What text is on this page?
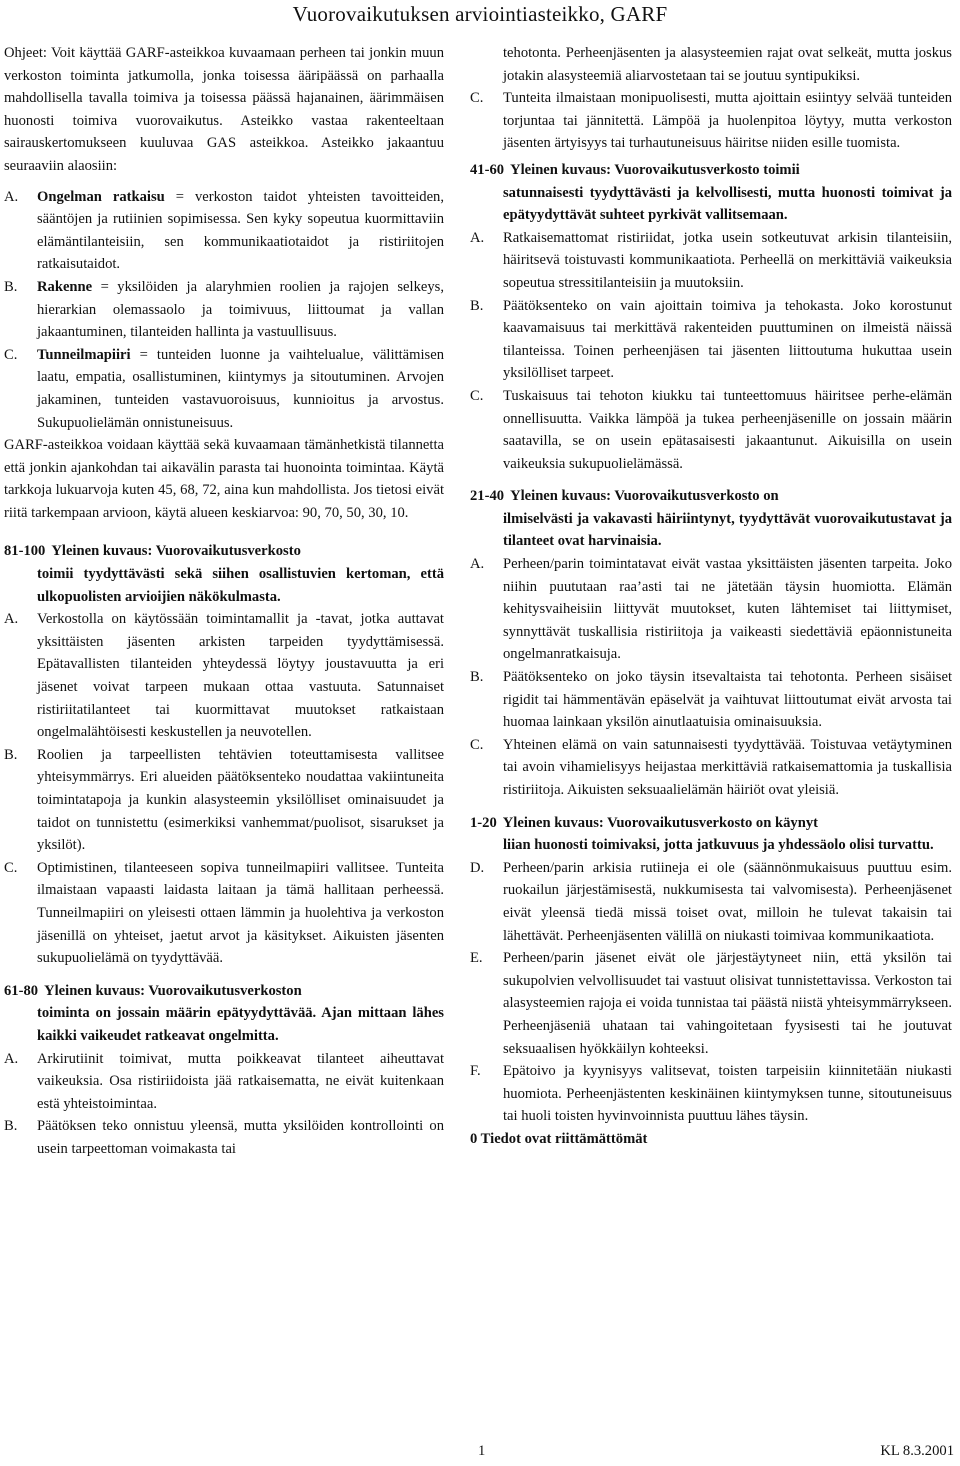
Vuorovaikutuksen arviointiasteikko, GARF

Ohjeet: Voit käyttää GARF-asteikkoa kuvaamaan perheen tai jonkin muun verkoston toiminta jatkumolla, jonka toisessa ääripäässä on parhaalla mahdollisella tavalla toimiva ja toisessa päässä hajanainen, äärimmäisen huonosti toimiva vuorovaikutus. Asteikko vastaa rakenteeltaan sairauskertomukseen kuuluvaa GAS asteikkoa. Asteikko jakaantuu seuraaviin alaosiin:

A.	Ongelman ratkaisu = verkoston taidot yhteisten tavoitteiden, sääntöjen ja rutiinien sopimisessa. Sen kyky sopeutua kuormittaviin elämäntilanteisiin, sen kommunikaatiotaidot ja ristiriitojen ratkaisutaidot.
B.	Rakenne = yksilöiden ja alaryhmien roolien ja rajojen selkeys, hierarkian olemassaolo ja toimivuus, liittoumat ja vallan jakaantuminen, tilanteiden hallinta ja vastuullisuus.
C.	Tunneilmapiiri = tunteiden luonne ja vaihtelualue, välittämisen laatu, empatia, osallistuminen, kiintymys ja sitoutuminen. Arvojen jakaminen, tunteiden vastavuoroisuus, kunnioitus ja arvostus. Sukupuolielämän onnistuneisuus.

GARF-asteikkoa voidaan käyttää sekä kuvaamaan tämänhetkistä tilannetta että jonkin ajankohdan tai aikavälin parasta tai huonointa toimintaa. Käytä tarkkoja lukuarvoja kuten 45, 68, 72, aina kun mahdollista. Jos tietosi eivät riitä tarkempaan arvioon, käytä alueen keskiarvoa: 90, 70, 50, 30, 10.

81-100 Yleinen kuvaus: Vuorovaikutusverkosto
toimii tyydyttävästi sekä siihen osallistuvien kertoman, että ulkopuolisten arvioijien näkökulmasta.
A.	Verkostolla on käytössään toimintamallit ja -tavat, jotka auttavat yksittäisten jäsenten arkisten tarpeiden tyydyttämisessä. Epätavallisten tilanteiden yhteydessä löytyy joustavuutta ja eri jäsenet voivat tarpeen mukaan ottaa vastuuta. Satunnaiset ristiriitatilanteet tai kuormittavat muutokset ratkaistaan ongelmalähtöisesti keskustellen ja neuvotellen.
B.	Roolien ja tarpeellisten tehtävien toteuttamisesta vallitsee yhteisymmärrys. Eri alueiden päätöksenteko noudattaa vakiintuneita toimintatapoja ja kunkin alasysteemin yksilölliset ominaisuudet ja taidot on tunnistettu (esimerkiksi vanhemmat/puolisot, sisarukset ja yksilöt).
C.	Optimistinen, tilanteeseen sopiva tunneilmapiiri vallitsee. Tunteita ilmaistaan vapaasti laidasta laitaan ja tämä hallitaan perheessä. Tunneilmapiiri on yleisesti ottaen lämmin ja huolehtiva ja verkoston jäsenillä on yhteiset, jaetut arvot ja käsitykset. Aikuisten jäsenten sukupuolielämä on tyydyttävää.
61-80 Yleinen kuvaus: Vuorovaikutusverkoston
toiminta on jossain määrin epätyydyttävää. Ajan mittaan lähes kaikki vaikeudet ratkeavat ongelmitta.
A.	Arkirutiinit toimivat, mutta poikkeavat tilanteet aiheuttavat vaikeuksia. Osa ristiriidoista jää ratkaisematta, ne eivät kuitenkaan estä yhteistoimintaa.
B.	Päätöksen teko onnistuu yleensä, mutta yksilöiden kontrollointi on usein tarpeettoman voimakasta tai
tehotonta. Perheenjäsenten ja alasysteemien rajat ovat selkeät, mutta joskus jotakin alasysteemiä aliarvostetaan tai se joutuu syntipukiksi.
C.	Tunteita ilmaistaan monipuolisesti, mutta ajoittain esiintyy selvää tunteiden torjuntaa tai jännitettä. Lämpöä ja huolenpitoa löytyy, mutta verkoston jäsenten ärtyisyys tai turhautuneisuus häiritse niiden esille tuomista.
41-60 Yleinen kuvaus: Vuorovaikutusverkosto toimii
satunnaisesti tyydyttävästi ja kelvollisesti, mutta huonosti toimivat ja epätyydyttävät suhteet pyrkivät vallitsemaan.
A.	Ratkaisemattomat ristiriidat, jotka usein sotkeutuvat arkisin tilanteisiin, häiritsevä toistuvasti kommunikaatiota. Perheellä on merkittäviä vaikeuksia sopeutua stressitilanteisiin ja muutoksiin.
B.	Päätöksenteko on vain ajoittain toimiva ja tehokasta. Joko korostunut kaavamaisuus tai merkittävä rakenteiden puuttuminen on ilmeistä näissä tilanteissa. Toinen perheenjäsen tai jäsenten liittoutuma hukuttaa usein yksilölliset tarpeet.
C.	Tuskaisuus tai tehoton kiukku tai tunteettomuus häiritsee perhe-elämän onnellisuutta. Vaikka lämpöä ja tukea perheenjäsenille on jossain määrin saatavilla, se on usein epätasaisesti jakaantunut. Aikuisilla on usein vaikeuksia sukupuolielämässä.
21-40 Yleinen kuvaus: Vuorovaikutusverkosto on
ilmiselvästi ja vakavasti häiriintynyt, tyydyttävät vuorovaikutustavat ja tilanteet ovat harvinaisia.
A.	Perheen/parin toimintatavat eivät vastaa yksittäisten jäsenten tarpeita. Joko niihin puututaan raa’asti tai ne jätetään täysin huomiotta. Elämän kehitysvaiheisiin liittyvät muutokset, kuten lähtemiset tai liittymiset, synnyttävät tuskallisia ristiriitoja ja vaikeasti siedettäviä epäonnistuneita ongelmanratkaisuja.
B.	Päätöksenteko on joko täysin itsevaltaista tai tehotonta. Perheen sisäiset rigidit tai hämmentävän epäselvät ja vaihtuvat liittoutumat eivät arvosta tai huomaa lainkaan yksilön ainutlaatuisia ominaisuuksia.
C.	Yhteinen elämä on vain satunnaisesti tyydyttävää. Toistuvaa vetäytyminen tai avoin vihamielisyys heijastaa merkittäviä ratkaisemattomia ja tuskallisia ristiriitoja. Aikuisten seksuaalielämän häiriöt ovat yleisiä.
1-20 Yleinen kuvaus: Vuorovaikutusverkosto on käynyt
liian huonosti toimivaksi, jotta jatkuvuus ja yhdessäolo olisi turvattu.
D.	Perheen/parin arkisia rutiineja ei ole (säännönmukaisuus puuttuu esim. ruokailun järjestämisestä, nukkumisesta tai valvomisesta). Perheenjäsenet eivät yleensä tiedä missä toiset ovat, milloin he tulevat takaisin tai lähettävät. Perheenjäsenten välillä on niukasti toimivaa kommunikaatiota.
E.	Perheen/parin jäsenet eivät ole järjestäytyneet niin, että yksilön tai sukupolvien velvollisuudet tai vastuut olisivat tunnistettavissa. Verkoston tai alasysteemien rajoja ei voida tunnistaa tai päästä niistä yhteisymmärrykseen. Perheenjäseniä uhataan tai vahingoitetaan fyysisesti tai he joutuvat seksuaalisen hyökkäilyn kohteeksi.
F.	Epätoivo ja kyynisyys valitsevat, toisten tarpeisiin kiinnitetään niukasti huomiota. Perheenjästenten keskinäinen kiintymyksen tunne, sitoutuneisuus tai huoli toisten hyvinvoinnista puuttuu lähes täysin.

0 Tiedot ovat riittämättömät

1	KL 8.3.2001
